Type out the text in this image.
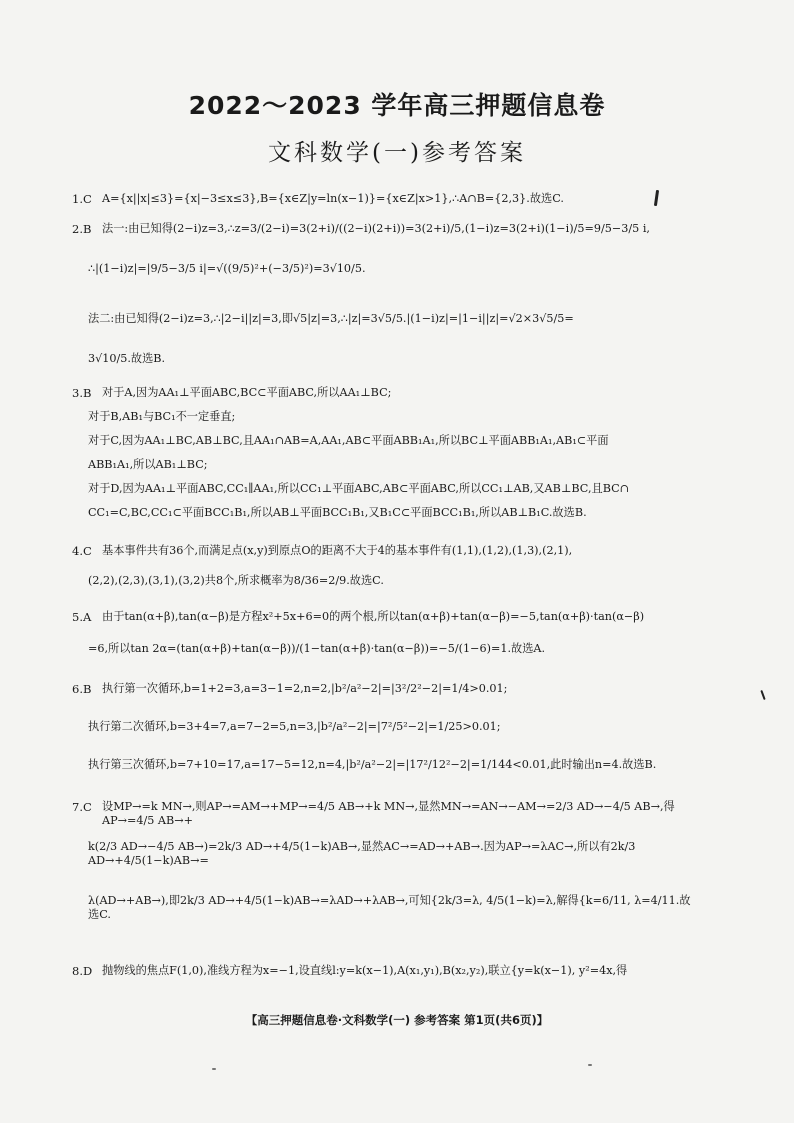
2022～2023 学年高三押题信息卷
文科数学(一)参考答案
1.C A={x||x|≤3}={x|−3≤x≤3},B={x∈Z|y=ln(x−1)}={x∈Z|x>1},∴A∩B={2,3}.故选C.
2.B 法一:由已知得(2−i)z=3,∴z=3/(2−i)=3(2+i)/((2−i)(2+i))=3(2+i)/5,(1−i)z=3(2+i)(1−i)/5=9/5−3/5 i,
∴|(1−i)z|=|9/5−3/5 i|=√((9/5)²+(−3/5)²)=3√10/5.
法二:由已知得(2−i)z=3,∴|2−i||z|=3,即√5|z|=3,∴|z|=3√5/5.|(1−i)z|=|1−i||z|=√2×3√5/5=
3√10/5.故选B.
3.B 对于A,因为AA₁⊥平面ABC,BC⊂平面ABC,所以AA₁⊥BC;
对于B,AB₁与BC₁不一定垂直;
对于C,因为AA₁⊥BC,AB⊥BC,且AA₁∩AB=A,AA₁,AB⊂平面ABB₁A₁,所以BC⊥平面ABB₁A₁,AB₁⊂平面
ABB₁A₁,所以AB₁⊥BC;
对于D,因为AA₁⊥平面ABC,CC₁∥AA₁,所以CC₁⊥平面ABC,AB⊂平面ABC,所以CC₁⊥AB,又AB⊥BC,且BC∩
CC₁=C,BC,CC₁⊂平面BCC₁B₁,所以AB⊥平面BCC₁B₁,又B₁C⊂平面BCC₁B₁,所以AB⊥B₁C.故选B.
4.C 基本事件共有36个,而满足点(x,y)到原点O的距离不大于4的基本事件有(1,1),(1,2),(1,3),(2,1),
(2,2),(2,3),(3,1),(3,2)共8个,所求概率为8/36=2/9.故选C.
5.A 由于tan(α+β),tan(α−β)是方程x²+5x+6=0的两个根,所以tan(α+β)+tan(α−β)=−5,tan(α+β)·tan(α−β)
=6,所以tan 2α=(tan(α+β)+tan(α−β))/(1−tan(α+β)·tan(α−β))=−5/(1−6)=1.故选A.
6.B 执行第一次循环,b=1+2=3,a=3−1=2,n=2,|b²/a²−2|=|3²/2²−2|=1/4>0.01;
执行第二次循环,b=3+4=7,a=7−2=5,n=3,|b²/a²−2|=|7²/5²−2|=1/25>0.01;
执行第三次循环,b=7+10=17,a=17−5=12,n=4,|b²/a²−2|=|17²/12²−2|=1/144<0.01,此时输出n=4.故选B.
7.C 设MP→=k MN→,则AP→=AM→+MP→=4/5 AB→+k MN→,显然MN→=AN→−AM→=2/3 AD→−4/5 AB→,得AP→=4/5 AB→+
k(2/3 AD→−4/5 AB→)=2k/3 AD→+4/5(1−k)AB→,显然AC→=AD→+AB→.因为AP→=λAC→,所以有2k/3 AD→+4/5(1−k)AB→=
λ(AD→+AB→),即2k/3 AD→+4/5(1−k)AB→=λAD→+λAB→,可知{2k/3=λ, 4/5(1−k)=λ,解得{k=6/11, λ=4/11.故选C.
8.D 抛物线的焦点F(1,0),准线方程为x=−1,设直线l:y=k(x−1),A(x₁,y₁),B(x₂,y₂),联立{y=k(x−1), y²=4x,得
【高三押题信息卷·文科数学(一) 参考答案 第1页(共6页)】
